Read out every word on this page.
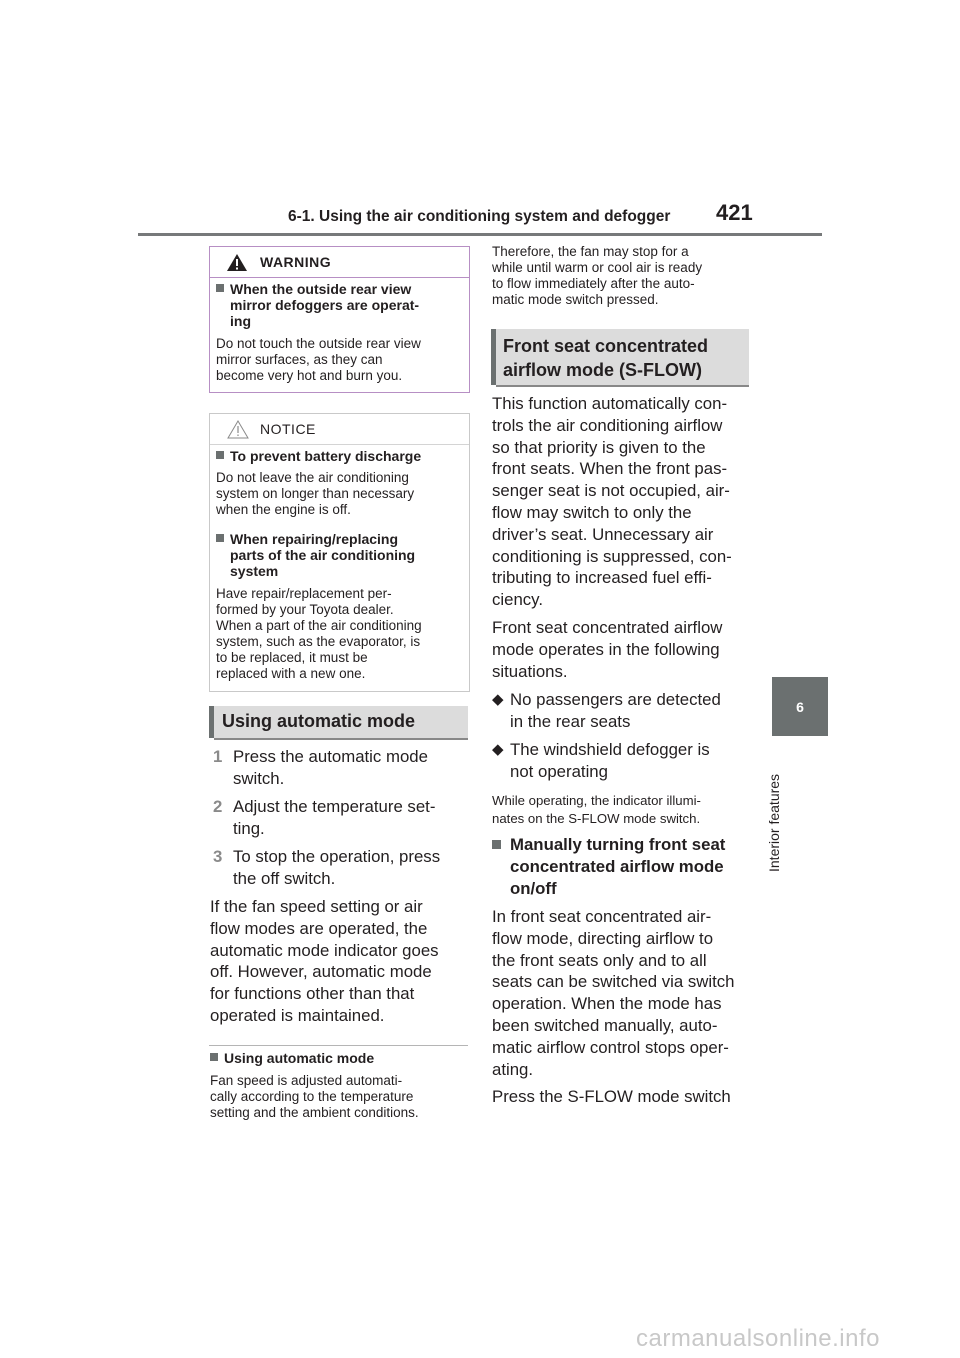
6-1. Using the air conditioning system and defogger 421
6
Interior features
WARNING
When the outside rear view
mirror defoggers are operat-
ing
Do not touch the outside rear view
mirror surfaces, as they can
become very hot and burn you.
NOTICE
To prevent battery discharge
Do not leave the air conditioning
system on longer than necessary
when the engine is off.
When repairing/replacing
parts of the air conditioning
system
Have repair/replacement per-
formed by your Toyota dealer.
When a part of the air conditioning
system, such as the evaporator, is
to be replaced, it must be
replaced with a new one.
Using automatic mode
1 Press the automatic mode
switch.
2 Adjust the temperature set-
ting.
3 To stop the operation, press
the off switch.
If the fan speed setting or air
flow modes are operated, the
automatic mode indicator goes
off. However, automatic mode
for functions other than that
operated is maintained.
Using automatic mode
Fan speed is adjusted automati-
cally according to the temperature
setting and the ambient conditions.
Therefore, the fan may stop for a
while until warm or cool air is ready
to flow immediately after the auto-
matic mode switch pressed.
Front seat concentrated
airflow mode (S-FLOW)
This function automatically con-
trols the air conditioning airflow
so that priority is given to the
front seats. When the front pas-
senger seat is not occupied, air-
flow may switch to only the
driver’s seat. Unnecessary air
conditioning is suppressed, con-
tributing to increased fuel effi-
ciency.
Front seat concentrated airflow
mode operates in the following
situations.
◆ No passengers are detected
in the rear seats
◆ The windshield defogger is
not operating
While operating, the indicator illumi-
nates on the S-FLOW mode switch.
Manually turning front seat
concentrated airflow mode
on/off
In front seat concentrated air-
flow mode, directing airflow to
the front seats only and to all
seats can be switched via switch
operation. When the mode has
been switched manually, auto-
matic airflow control stops oper-
ating.
Press the S-FLOW mode switch
carmanualsonline.info
